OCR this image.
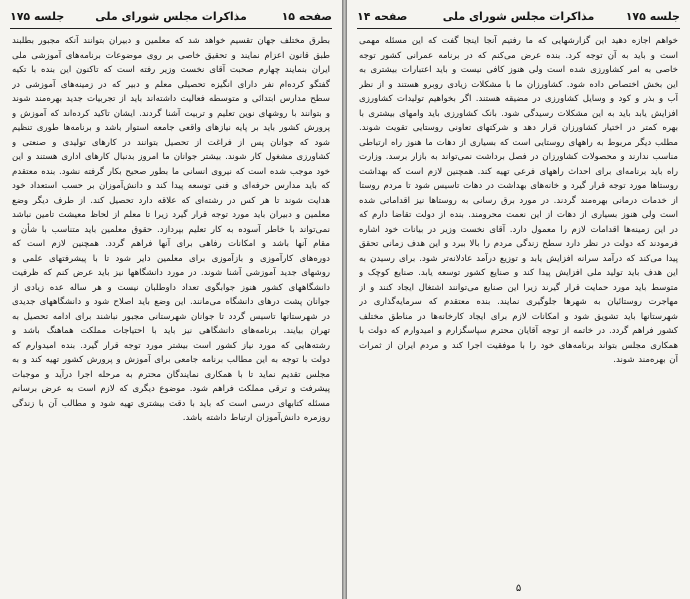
صفحه ۱۵
مذاکرات مجلس شورای ملی
جلسه ۱۷۵
بطرق مختلف جهان تقسیم خواهد شد که معلمین و دبیران بتوانند آنکه مجبور بطلبند طبق قانون اعزام نمایند و تحقیق خاصی بر روی موضوعات برنامه‌های آموزشی ملی ایران بنمایند چهارم صحبت آقای نخست وزیر رفته است که تاکنون این بنده با تکیه گفتگو کرده‌ام نفر دارای انگیزه تحصیلی معلم و دبیر که در زمینه‌های آموزشی در سطح مدارس ابتدائی و متوسطه فعالیت داشته‌اند باید از تجربیات جدید بهره‌مند شوند و بتوانند با روشهای نوین تعلیم و تربیت آشنا گردند. ایشان تاکید کرده‌اند که آموزش و پرورش کشور باید بر پایه نیازهای واقعی جامعه استوار باشد و برنامه‌ها طوری تنظیم شود که جوانان پس از فراغت از تحصیل بتوانند در کارهای تولیدی و صنعتی و کشاورزی مشغول کار شوند. بیشتر جوانان ما امروز بدنبال کارهای اداری هستند و این خود موجب شده است که نیروی انسانی ما بطور صحیح بکار گرفته نشود. بنده معتقدم که باید مدارس حرفه‌ای و فنی توسعه پیدا کند و دانش‌آموزان بر حسب استعداد خود هدایت شوند تا هر کس در رشته‌ای که علاقه دارد تحصیل کند. از طرف دیگر وضع معلمین و دبیران باید مورد توجه قرار گیرد زیرا تا معلم از لحاظ معیشت تامین نباشد نمی‌تواند با خاطر آسوده به کار تعلیم بپردازد. حقوق معلمین باید متناسب با شأن و مقام آنها باشد و امکانات رفاهی برای آنها فراهم گردد. همچنین لازم است که دوره‌های کارآموزی و بازآموزی برای معلمین دایر شود تا با پیشرفتهای علمی و روشهای جدید آموزشی آشنا شوند. در مورد دانشگاهها نیز باید عرض کنم که ظرفیت دانشگاههای کشور هنوز جوابگوی تعداد داوطلبان نیست و هر ساله عده زیادی از جوانان پشت درهای دانشگاه می‌مانند. این وضع باید اصلاح شود و دانشگاههای جدیدی در شهرستانها تاسیس گردد تا جوانان شهرستانی مجبور نباشند برای ادامه تحصیل به تهران بیایند. برنامه‌های دانشگاهی نیز باید با احتیاجات مملکت هماهنگ باشد و رشته‌هایی که مورد نیاز کشور است بیشتر مورد توجه قرار گیرد. بنده امیدوارم که دولت با توجه به این مطالب برنامه جامعی برای آموزش و پرورش کشور تهیه کند و به مجلس تقدیم نماید تا با همکاری نمایندگان محترم به مرحله اجرا درآید و موجبات پیشرفت و ترقی مملکت فراهم شود. موضوع دیگری که لازم است به عرض برسانم مسئله کتابهای درسی است که باید با دقت بیشتری تهیه شود و مطالب آن با زندگی روزمره دانش‌آموزان ارتباط داشته باشد.
جلسه ۱۷۵
مذاکرات مجلس شورای ملی
صفحه ۱۴
خواهم اجازه دهید این گزارشهایی که ما رفتیم آنجا اینجا گفت که این مسئله مهمی است و باید به آن توجه کرد. بنده عرض می‌کنم که در برنامه عمرانی کشور توجه خاصی به امر کشاورزی شده است ولی هنوز کافی نیست و باید اعتبارات بیشتری به این بخش اختصاص داده شود. کشاورزان ما با مشکلات زیادی روبرو هستند و از نظر آب و بذر و کود و وسایل کشاورزی در مضیقه هستند. اگر بخواهیم تولیدات کشاورزی افزایش یابد باید به این مشکلات رسیدگی شود. بانک کشاورزی باید وامهای بیشتری با بهره کمتر در اختیار کشاورزان قرار دهد و شرکتهای تعاونی روستایی تقویت شوند. مطلب دیگر مربوط به راههای روستایی است که بسیاری از دهات ما هنوز راه ارتباطی مناسب ندارند و محصولات کشاورزان در فصل برداشت نمی‌تواند به بازار برسد. وزارت راه باید برنامه‌ای برای احداث راههای فرعی تهیه کند. همچنین لازم است که بهداشت روستاها مورد توجه قرار گیرد و خانه‌های بهداشت در دهات تاسیس شود تا مردم روستا از خدمات درمانی بهره‌مند گردند. در مورد برق رسانی به روستاها نیز اقداماتی شده است ولی هنوز بسیاری از دهات از این نعمت محرومند. بنده از دولت تقاضا دارم که در این زمینه‌ها اقدامات لازم را معمول دارد. آقای نخست وزیر در بیانات خود اشاره فرمودند که دولت در نظر دارد سطح زندگی مردم را بالا ببرد و این هدف زمانی تحقق پیدا می‌کند که درآمد سرانه افزایش یابد و توزیع درآمد عادلانه‌تر شود. برای رسیدن به این هدف باید تولید ملی افزایش پیدا کند و صنایع کشور توسعه یابد. صنایع کوچک و متوسط باید مورد حمایت قرار گیرند زیرا این صنایع می‌توانند اشتغال ایجاد کنند و از مهاجرت روستائیان به شهرها جلوگیری نمایند. بنده معتقدم که سرمایه‌گذاری در شهرستانها باید تشویق شود و امکانات لازم برای ایجاد کارخانه‌ها در مناطق مختلف کشور فراهم گردد. در خاتمه از توجه آقایان محترم سپاسگزارم و امیدوارم که دولت با همکاری مجلس بتواند برنامه‌های خود را با موفقیت اجرا کند و مردم ایران از ثمرات آن بهره‌مند شوند.
۵
